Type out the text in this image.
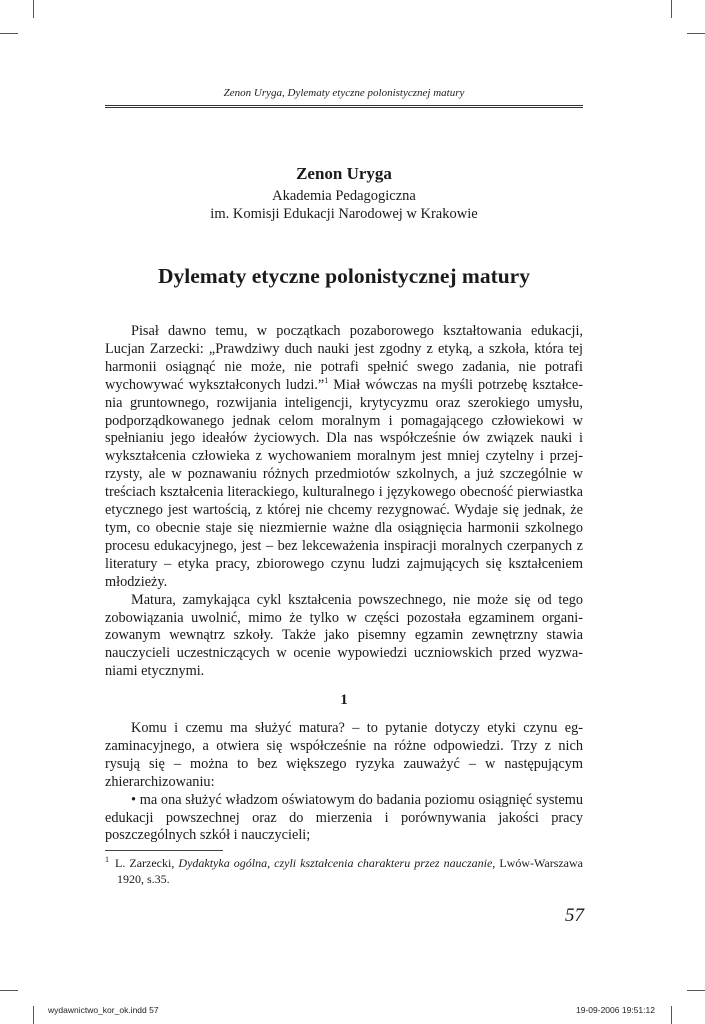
Zenon Uryga, Dylematy etyczne polonistycznej matury
Zenon Uryga
Akademia Pedagogiczna
im. Komisji Edukacji Narodowej w Krakowie
Dylematy etyczne polonistycznej matury

Pisał dawno temu, w początkach pozaborowego kształtowania edukacji, Lucjan Zarzecki: „Prawdziwy duch nauki jest zgodny z etyką, a szkoła, która tej harmonii osiągnąć nie może, nie potrafi spełnić swego zadania, nie potrafi wychowywać wykształconych ludzi.”$^1$ Miał wówczas na myśli potrzebę kształcenia gruntownego, rozwijania inteligencji, krytycyzmu oraz szerokiego umysłu, podporządkowanego jednak celom moralnym i pomagającego człowiekowi w spełnianiu jego ideałów życiowych. Dla nas współcześnie ów związek nauki i wykształcenia człowieka z wychowaniem moralnym jest mniej czytelny i przejrzysty, ale w poznawaniu różnych przedmiotów szkolnych, a już szczególnie w treściach kształcenia literackiego, kulturalnego i językowego obecność pierwiastka etycznego jest wartością, z której nie chcemy rezygnować. Wydaje się jednak, że tym, co obecnie staje się niezmiernie ważne dla osiągnięcia harmonii szkolnego procesu edukacyjnego, jest – bez lekceważenia inspiracji moralnych czerpanych z literatury – etyka pracy, zbiorowego czynu ludzi zajmujących się kształceniem młodzieży.

Matura, zamykająca cykl kształcenia powszechnego, nie może się od tego zobowiązania uwolnić, mimo że tylko w części pozostała egzaminem organizowanym wewnątrz szkoły. Także jako pisemny egzamin zewnętrzny stawia nauczycieli uczestniczących w ocenie wypowiedzi uczniowskich przed wyzwaniami etycznymi.

1

Komu i czemu ma służyć matura? – to pytanie dotyczy etyki czynu egzaminacyjnego, a otwiera się współcześnie na różne odpowiedzi. Trzy z nich rysują się – można to bez większego ryzyka zauważyć – w następującym zhierarchizowaniu:

• ma ona służyć władzom oświatowym do badania poziomu osiągnięć systemu edukacji powszechnej oraz do mierzenia i porównywania jakości pracy poszczególnych szkół i nauczycieli;

$^1$ L. Zarzecki, Dydaktyka ogólna, czyli kształcenia charakteru przez nauczanie, Lwów-Warszawa 1920, s.35.
57
wydawnictwo_kor_ok.indd 57	19-09-2006 19:51:12
